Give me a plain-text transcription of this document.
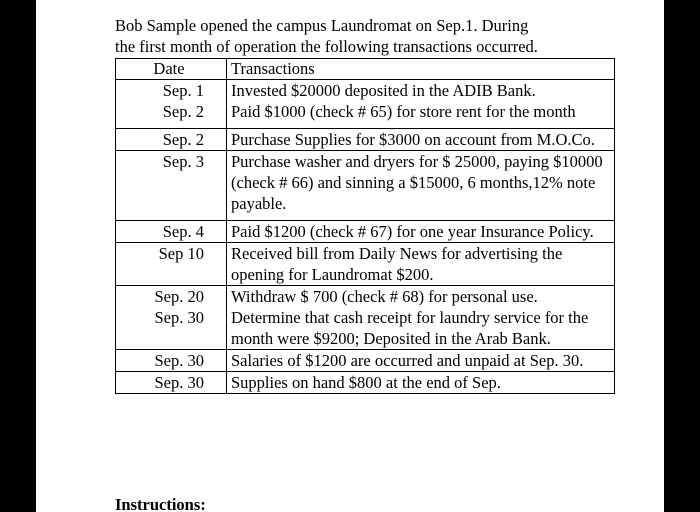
Bob Sample opened the campus Laundromat on Sep.1. During
the first month of operation the following transactions occurred.

Date	Transactions
Sep. 1	Invested $20000 deposited in the ADIB Bank.
Sep. 2	Paid $1000 (check # 65) for store rent for the month
Sep. 2	Purchase Supplies for $3000 on account from M.O.Co.
Sep. 3	Purchase washer and dryers for $ 25000, paying $10000 (check # 66) and sinning a $15000, 6 months,12% note payable.
Sep. 4	Paid $1200 (check # 67) for one year Insurance Policy.
Sep 10	Received bill from Daily News for advertising the opening for Laundromat $200.
Sep. 20	Withdraw $ 700 (check # 68) for personal use.
Sep. 30	Determine that cash receipt for laundry service for the month were $9200; Deposited in the Arab Bank.
Sep. 30	Salaries of $1200 are occurred and unpaid at Sep. 30.
Sep. 30	Supplies on hand $800 at the end of Sep.
Instructions:
